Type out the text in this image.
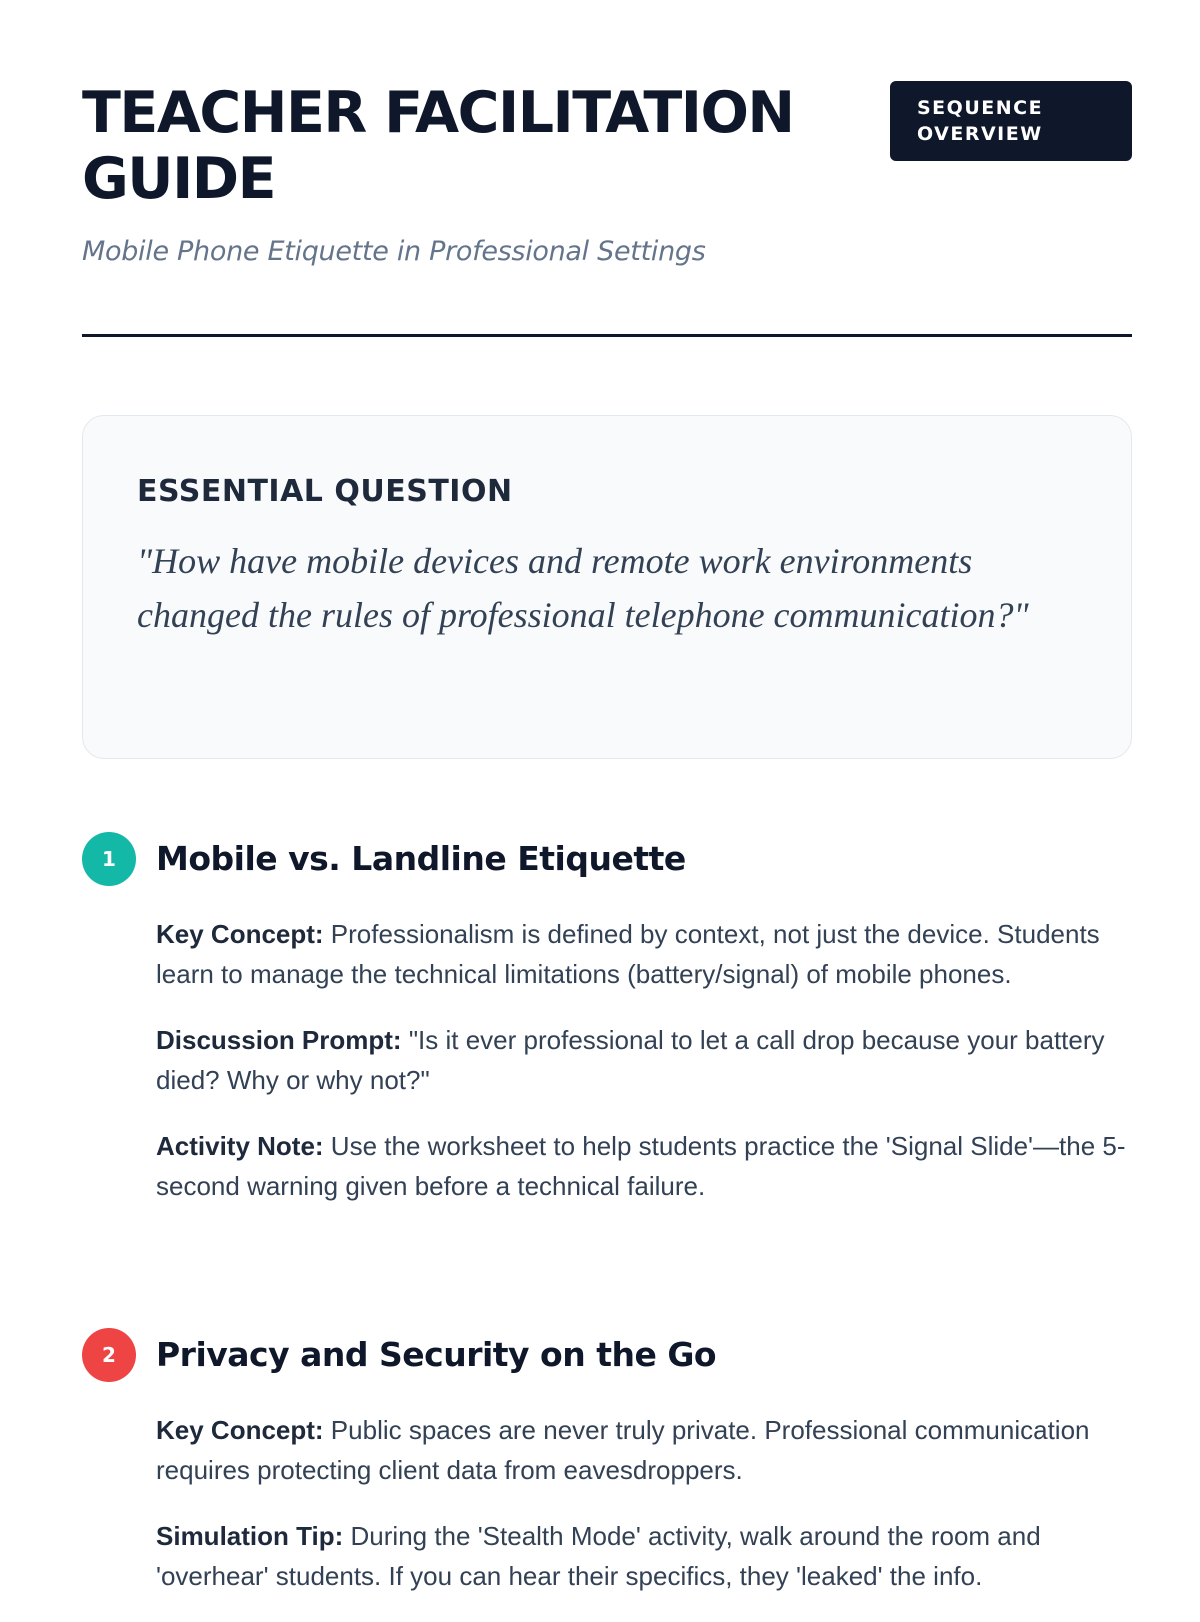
TEACHER FACILITATION GUIDE
SEQUENCE OVERVIEW

Mobile Phone Etiquette in Professional Settings

ESSENTIAL QUESTION

"How have mobile devices and remote work environments changed the rules of professional telephone communication?"

1	Mobile vs. Landline Etiquette

Key Concept: Professionalism is defined by context, not just the device. Students learn to manage the technical limitations (battery/signal) of mobile phones.

Discussion Prompt: "Is it ever professional to let a call drop because your battery died? Why or why not?"

Activity Note: Use the worksheet to help students practice the 'Signal Slide'—the 5-second warning given before a technical failure.

2	Privacy and Security on the Go

Key Concept: Public spaces are never truly private. Professional communication requires protecting client data from eavesdroppers.

Simulation Tip: During the 'Stealth Mode' activity, walk around the room and 'overhear' students. If you can hear their specifics, they 'leaked' the info.
